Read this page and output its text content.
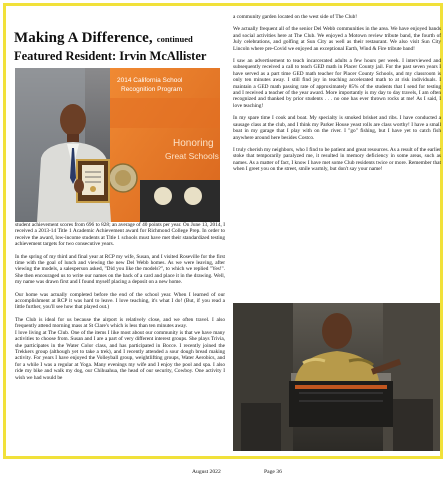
Making A Difference, continued
Featured Resident: Irvin McAllister
2014 California School
Recognition Program
Honoring
Great Schools

student achievement scores from 696 to 828; an average of 40 points per year. On June 13, 2014, I received a 2013-14 Title 1 Academic Achievement award for Richmond College Prep. In order to receive the award, low-income students at Title 1 schools must have met their standardized testing achievement targets for two consecutive years.

In the spring of my third and final year at RCP my wife, Susan, and I visited Roseville for the first time with the goal of lunch and viewing the new Del Webb homes. As we were leaving, after viewing the models, a salesperson asked, "Did you like the models?", to which we replied "Yes!". She then encouraged us to write our names on the back of a card and place it in the drawing. Well, my name was drawn first and I found myself placing a deposit on a new home.

Our home was actually completed before the end of the school year. When I learned of our accomplishment at RCP it was hard to leave. I love teaching, it's what I do! (But, if you read a little further, you'll see how that played out.)

The Club is ideal for us because the airport is relatively close, and we often travel. I also frequently attend morning mass at St Clare's which is less than ten minutes away.

I love living at The Club. One of the items I like most about our community is that we have many activities to choose from. Susan and I are a part of very different interest groups. She plays Trivia, she participates in the Water Color class, and has participated in Bocce. I recently joined the Trekkers group (although yet to take a trek), and I recently attended a sour dough bread making activity. For years I have enjoyed the Volleyball group, weightlifting groups, Water Aerobics, and for a while I was a regular at Yoga. Many evenings my wife and I enjoy the pool and spa. I also ride my bike and walk my dog, our Chihuahua, the head of our security, Cowboy. One activity I wish we had would be

a community garden located on the west side of The Club!

We actually frequent all of the senior Del Webb communities in the area. We have enjoyed bands and social activities here at The Club. We enjoyed a Motown review tribute band, the fourth of July celebrations, and golfing at Sun City as well as their restaurant. We also visit Sun City Lincoln where pre-Covid we enjoyed an exceptional Earth, Wind & Fire tribute band!

I saw an advertisement to teach incarcerated adults a few hours per week. I interviewed and subsequently received a call to teach GED math in Placer County jail. For the past seven years I have served as a part time GED math teacher for Placer County Schools, and my classroom is only ten minutes away. I still find joy in teaching accelerated math to at risk individuals. I maintain a GED math passing rate of approximately 85% of the students that I send for testing and I received a teacher of the year award. More importantly is my day to day travels, I am often recognized and thanked by prior students . . . no one has ever thrown rocks at me! As I said, I love teaching!

In my spare time I cook and boat. My specialty is smoked brisket and ribs. I have conducted a sausage class at the club, and I think my Parker House yeast rolls are class worthy! I have a small boat in my garage that I play with on the river. I "go" fishing, but I have yet to catch fish anywhere around here besides Costco.

I truly cherish my neighbors, who I find to be patient and great resources. As a result of the earlier stoke that temporarily paralyzed me, it resulted in memory deficiency in some areas, such as names. As a matter of fact, I know I have met some Club residents twice or more. Remember that when I greet you on the street, smile warmly, but don't say your name!

August 2022	Page 36
